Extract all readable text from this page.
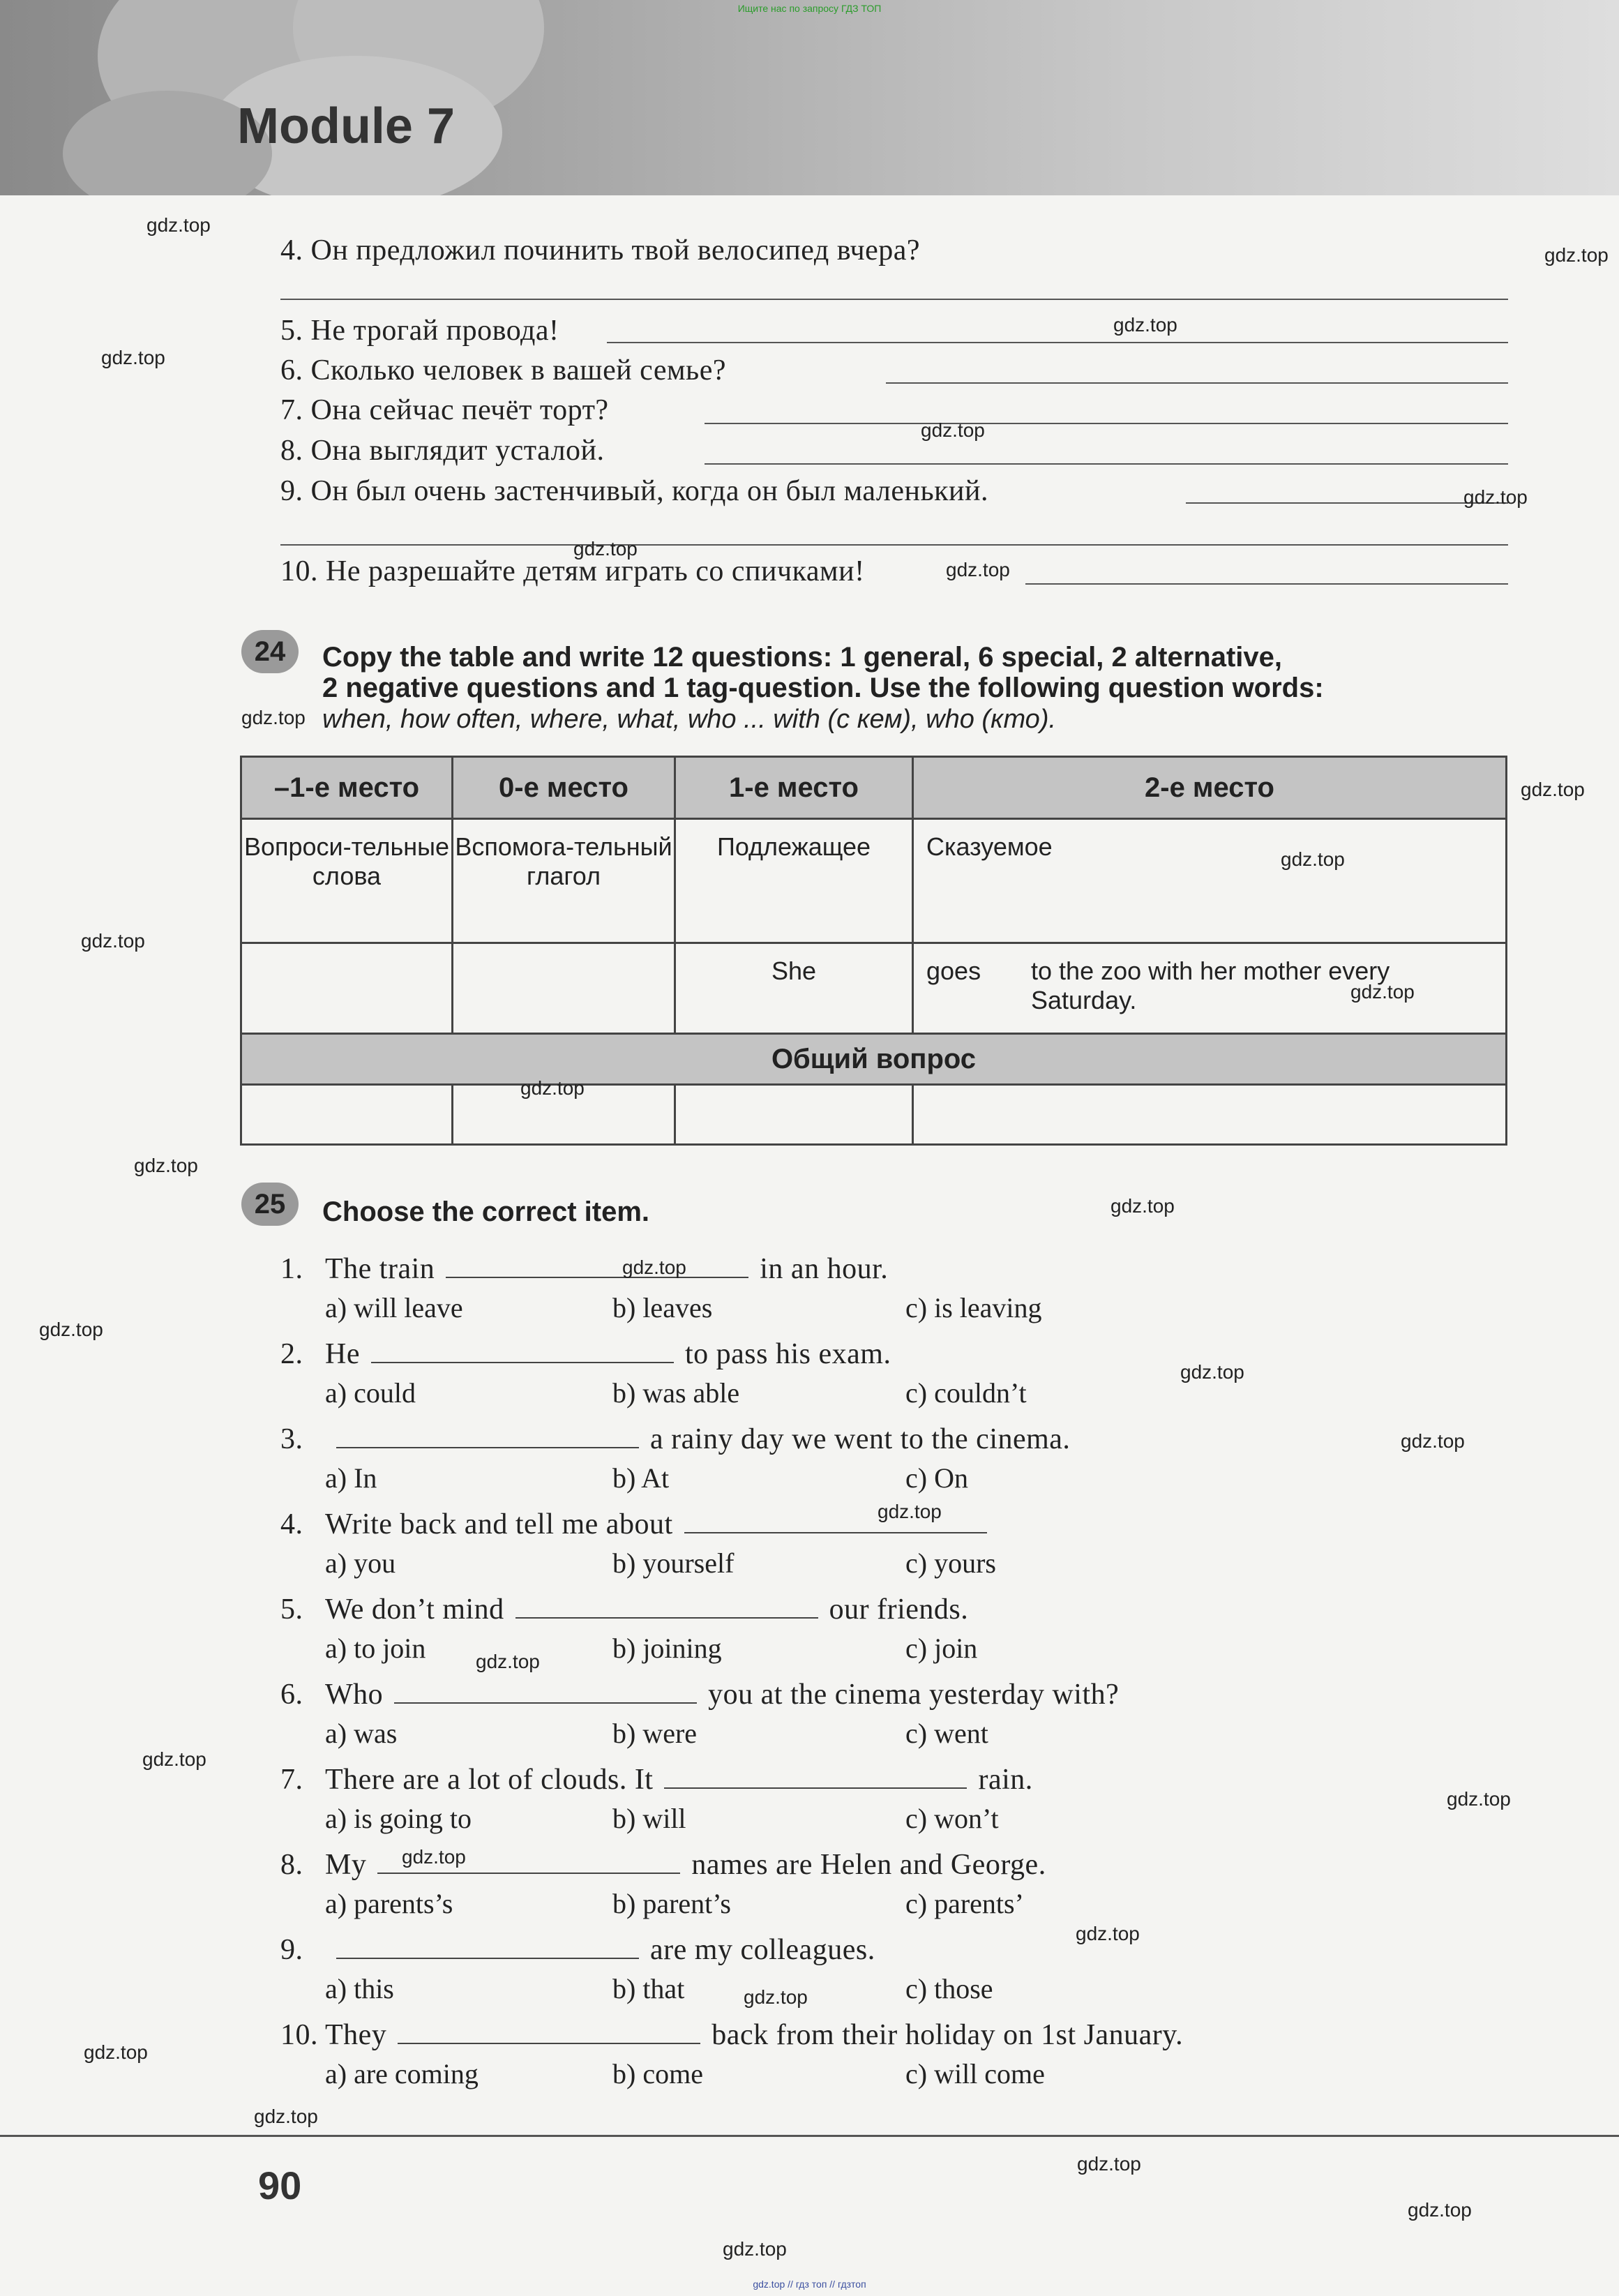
Module 7
Ищите нас по запросу ГДЗ ТОП
4. Он предложил починить твой велосипед вчера?
5. Не трогай провода!
6. Сколько человек в вашей семье?
7. Она сейчас печёт торт?
8. Она выглядит усталой.
9. Он был очень застенчивый, когда он был маленький.
10. Не разрешайте детям играть со спичками!
24	Copy the table and write 12 questions: 1 general, 6 special, 2 alternative,
2 negative questions and 1 tag-question. Use the following question words:
when, how often, where, what, who ... with (с кем), who (кто).
–1-е место	0-е место	1-е место	2-е место
Вопроси-тельные слова	Вспомога-тельный глагол	Подлежащее	Сказуемое
		She	goes to the zoo with her mother every Saturday.
Общий вопрос			

25	Choose the correct item.
1. The train	in an hour.
a) will leave	b) leaves	c) is leaving
2. He	to pass his exam.
a) could	b) was able	c) couldn’t
3.	a rainy day we went to the cinema.
a) In	b) At	c) On
4. Write back and tell me about
a) you	b) yourself	c) yours
5. We don’t mind	our friends.
a) to join	b) joining	c) join
6. Who	you at the cinema yesterday with?
a) was	b) were	c) went
7. There are a lot of clouds. It	rain.
a) is going to	b) will	c) won’t
8. My	names are Helen and George.
a) parents’s	b) parent’s	c) parents’
9.	are my colleagues.
a) this	b) that	c) those
10. They	back from their holiday on 1st January.
a) are coming	b) come	c) will come
90
gdz.top // гдз топ // гдзтоп
gdz.top
gdz.top
gdz.top
gdz.top
gdz.top
gdz.top
gdz.top
gdz.top
gdz.top
gdz.top
gdz.top
gdz.top
gdz.top
gdz.top
gdz.top
gdz.top
gdz.top
gdz.top
gdz.top
gdz.top
gdz.top
gdz.top
gdz.top
gdz.top
gdz.top
gdz.top
gdz.top
gdz.top
gdz.top
gdz.top
gdz.top
gdz.top
